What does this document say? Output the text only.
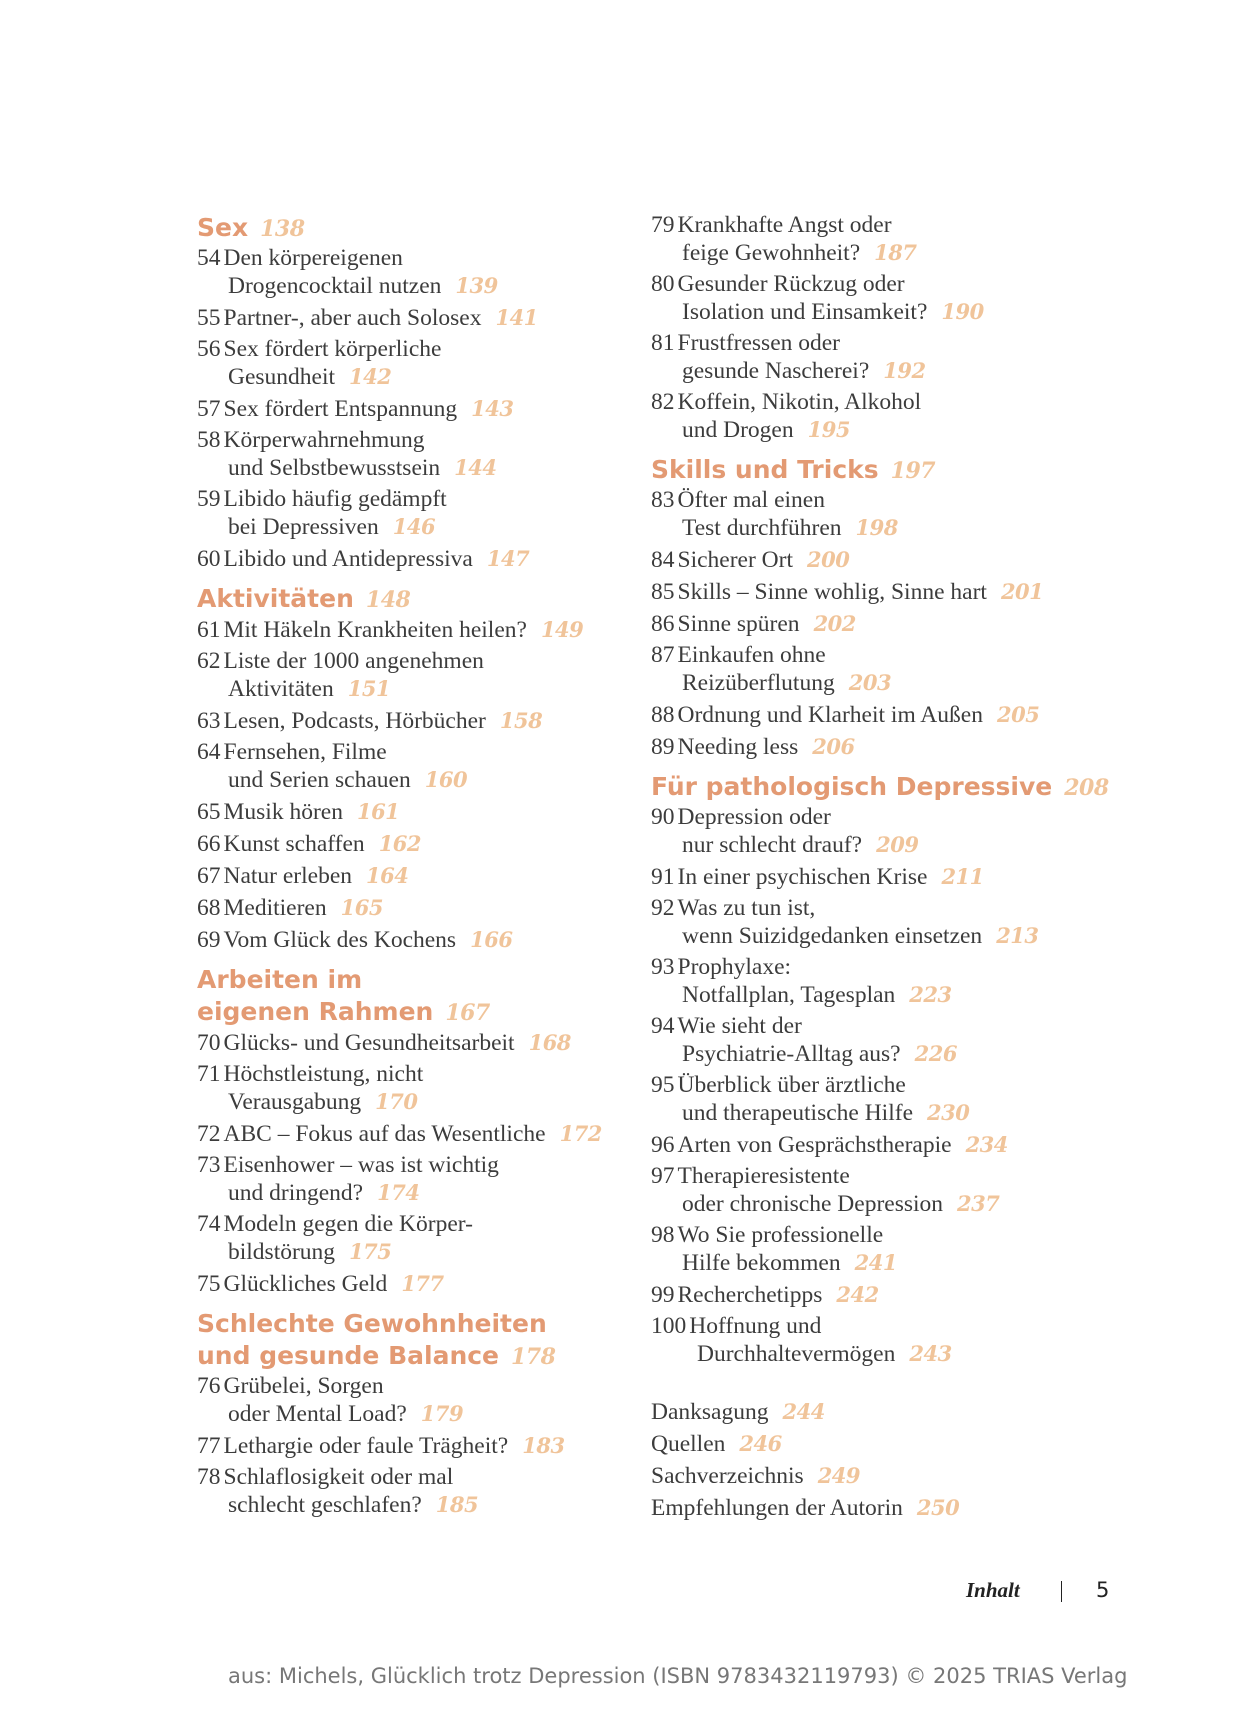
Sex 138
54 Den körpereigenen
Drogencocktail nutzen 139
55 Partner-, aber auch Solosex 141
56 Sex fördert körperliche
Gesundheit 142
57 Sex fördert Entspannung 143
58 Körperwahrnehmung
und Selbstbewusstsein 144
59 Libido häufig gedämpft
bei Depressiven 146
60 Libido und Antidepressiva 147
Aktivitäten 148
61 Mit Häkeln Krankheiten heilen? 149
62 Liste der 1000 angenehmen
Aktivitäten 151
63 Lesen, Podcasts, Hörbücher 158
64 Fernsehen, Filme
und Serien schauen 160
65 Musik hören 161
66 Kunst schaffen 162
67 Natur erleben 164
68 Meditieren 165
69 Vom Glück des Kochens 166
Arbeiten im
eigenen Rahmen 167
70 Glücks- und Gesundheitsarbeit 168
71 Höchstleistung, nicht
Verausgabung 170
72 ABC – Fokus auf das Wesentliche 172
73 Eisenhower – was ist wichtig
und dringend? 174
74 Modeln gegen die Körper-
bildstörung 175
75 Glückliches Geld 177
Schlechte Gewohnheiten
und gesunde Balance 178
76 Grübelei, Sorgen
oder Mental Load? 179
77 Lethargie oder faule Trägheit? 183
78 Schlaflosigkeit oder mal
schlecht geschlafen? 185
79 Krankhafte Angst oder
feige Gewohnheit? 187
80 Gesunder Rückzug oder
Isolation und Einsamkeit? 190
81 Frustfressen oder
gesunde Nascherei? 192
82 Koffein, Nikotin, Alkohol
und Drogen 195
Skills und Tricks 197
83 Öfter mal einen
Test durchführen 198
84 Sicherer Ort 200
85 Skills – Sinne wohlig, Sinne hart 201
86 Sinne spüren 202
87 Einkaufen ohne
Reizüberflutung 203
88 Ordnung und Klarheit im Außen 205
89 Needing less 206
Für pathologisch Depressive 208
90 Depression oder
nur schlecht drauf? 209
91 In einer psychischen Krise 211
92 Was zu tun ist,
wenn Suizidgedanken einsetzen 213
93 Prophylaxe:
Notfallplan, Tagesplan 223
94 Wie sieht der
Psychiatrie-Alltag aus? 226
95 Überblick über ärztliche
und therapeutische Hilfe 230
96 Arten von Gesprächstherapie 234
97 Therapieresistente
oder chronische Depression 237
98 Wo Sie professionelle
Hilfe bekommen 241
99 Recherchetipps 242
100 Hoffnung und
Durchhaltevermögen 243
Danksagung 244
Quellen 246
Sachverzeichnis 249
Empfehlungen der Autorin 250
Inhalt	5
aus: Michels, Glücklich trotz Depression (ISBN 9783432119793) © 2025 TRIAS Verlag
